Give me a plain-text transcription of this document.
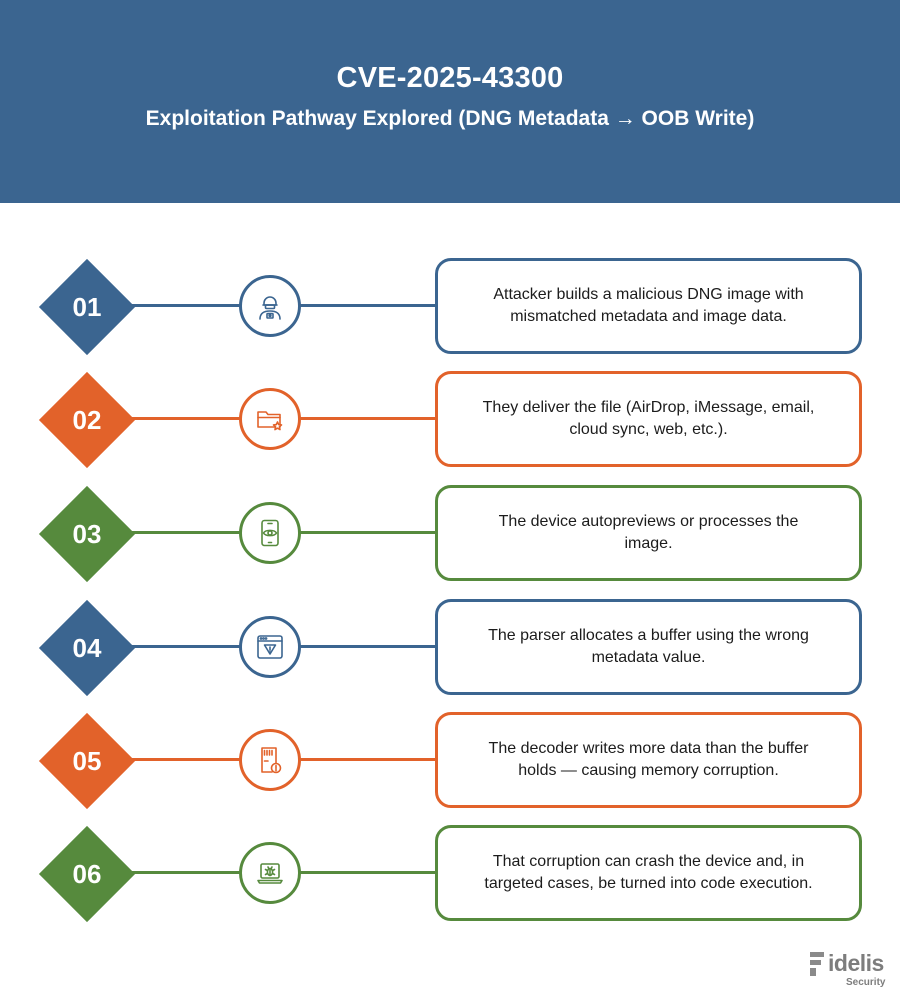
CVE-2025-43300
Exploitation Pathway Explored (DNG Metadata → OOB Write)
01	Attacker builds a malicious DNG image with mismatched metadata and image data.
02	They deliver the file (AirDrop, iMessage, email, cloud sync, web, etc.).
03	The device autopreviews or processes the image.
04	The parser allocates a buffer using the wrong metadata value.
05	The decoder writes more data than the buffer holds — causing memory corruption.
06	That corruption can crash the device and, in targeted cases, be turned into code execution.
idelis
Security
